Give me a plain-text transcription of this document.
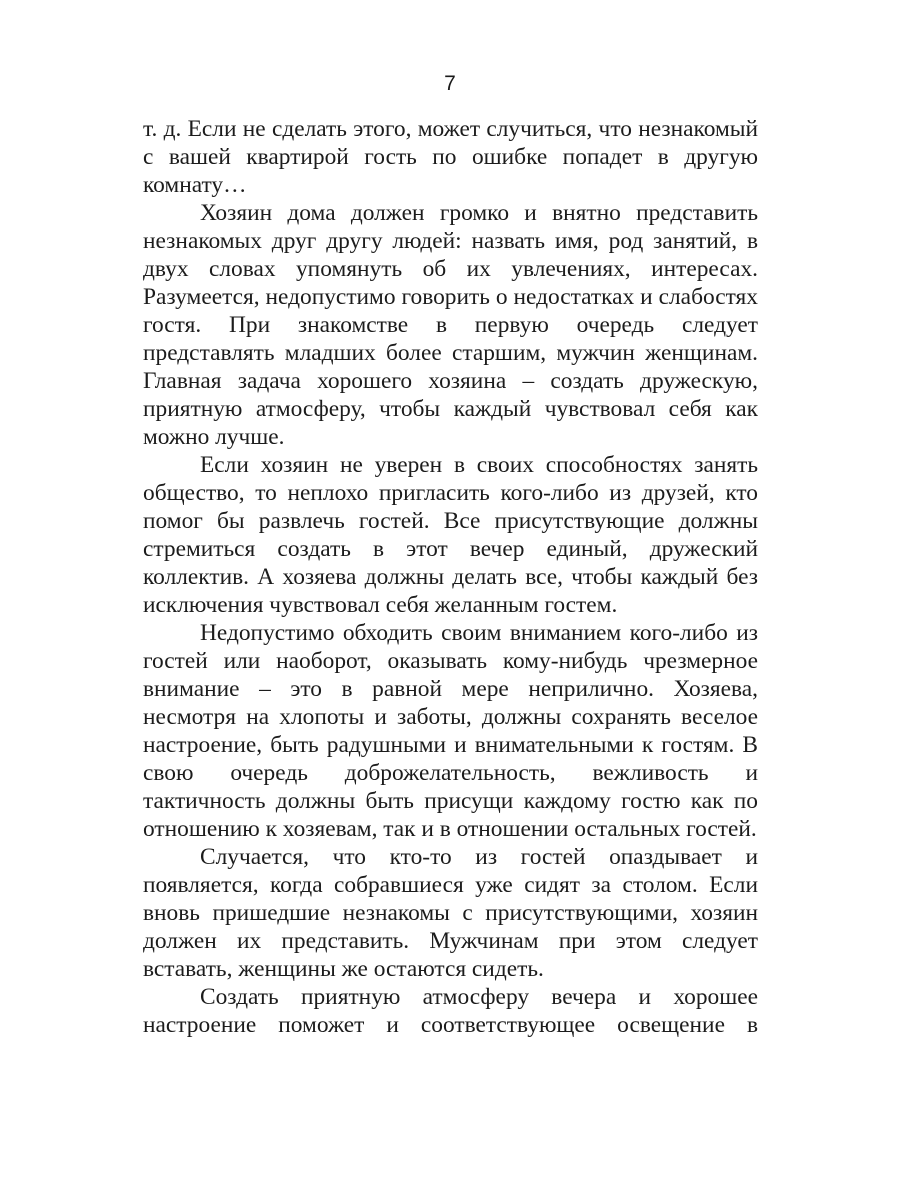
7

т. д. Если не сделать этого, может случиться, что незнакомый с вашей квартирой гость по ошибке попадет в другую комнату…

Хозяин дома должен громко и внятно представить незнакомых друг другу людей: назвать имя, род занятий, в двух словах упомянуть об их увлечениях, интересах. Разумеется, недопустимо говорить о недостатках и слабостях гостя. При знакомстве в первую очередь следует представлять младших более старшим, мужчин женщинам. Главная задача хорошего хозяина – создать дружескую, приятную атмосферу, чтобы каждый чувствовал себя как можно лучше.

Если хозяин не уверен в своих способностях занять общество, то неплохо пригласить кого-либо из друзей, кто помог бы развлечь гостей. Все присутствующие должны стремиться создать в этот вечер единый, дружеский коллектив. А хозяева должны делать все, чтобы каждый без исключения чувствовал себя желанным гостем.

Недопустимо обходить своим вниманием кого-либо из гостей или наоборот, оказывать кому-нибудь чрезмерное внимание – это в равной мере неприлично. Хозяева, несмотря на хлопоты и заботы, должны сохранять веселое настроение, быть радушными и внимательными к гостям. В свою очередь доброжелательность, вежливость и тактичность должны быть присущи каждому гостю как по отношению к хозяевам, так и в отношении остальных гостей.

Случается, что кто-то из гостей опаздывает и появляется, когда собравшиеся уже сидят за столом. Если вновь пришедшие незнакомы с присутствующими, хозяин должен их представить. Мужчинам при этом следует вставать, женщины же остаются сидеть.

Создать приятную атмосферу вечера и хорошее настроение поможет и соответствующее освещение в
